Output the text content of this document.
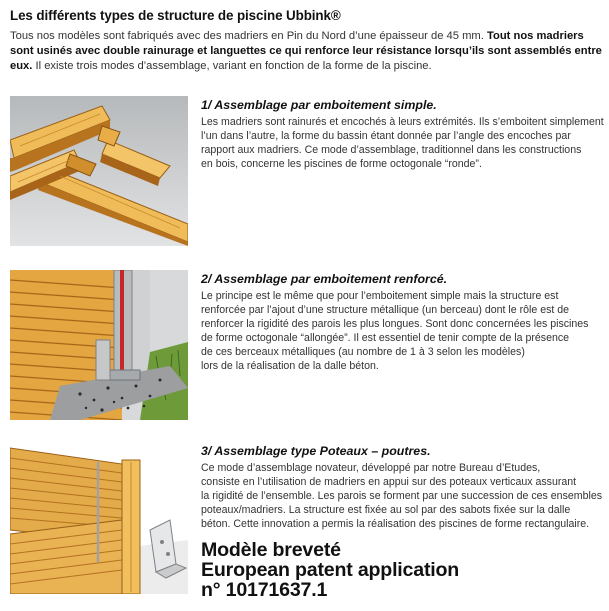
Les différents types de structure de piscine Ubbink®
Tous nos modèles sont fabriqués avec des madriers en Pin du Nord d’une épaisseur de 45 mm. Tout nos madriers sont usinés avec double rainurage et languettes ce qui renforce leur résistance lorsqu’ils sont assemblés entre eux. Il existe trois modes d’assemblage, variant en fonction de la forme de la piscine.
1/ Assemblage par emboitement simple.
Les madriers sont rainurés et encochés à leurs extrémités. Ils s’emboitent simplement
l’un dans l’autre, la forme du bassin étant donnée par l’angle des encoches par
rapport aux madriers. Ce mode d’assemblage, traditionnel dans les constructions
en bois, concerne les piscines de forme octogonale “ronde”.
2/ Assemblage par emboitement renforcé.
Le principe est le même que pour l’emboitement simple mais la structure est
renforcée par l’ajout d’une structure métallique (un berceau) dont le rôle est de
renforcer la rigidité des parois les plus longues. Sont donc concernées les piscines
de forme octogonale “allongée”. Il est essentiel de tenir compte de la présence
de ces berceaux métalliques (au nombre de 1 à 3 selon les modèles)
lors de la réalisation de la dalle béton.
3/ Assemblage type Poteaux – poutres.
Ce mode d’assemblage novateur, développé par notre Bureau d’Etudes,
consiste en l’utilisation de madriers en appui sur des poteaux verticaux assurant
la rigidité de l’ensemble. Les parois se forment par une succession de ces ensembles
poteaux/madriers. La structure est fixée au sol par des sabots fixée sur la dalle
béton. Cette innovation a permis la réalisation des piscines de forme rectangulaire.
Modèle breveté
European patent application
n° 10171637.1
